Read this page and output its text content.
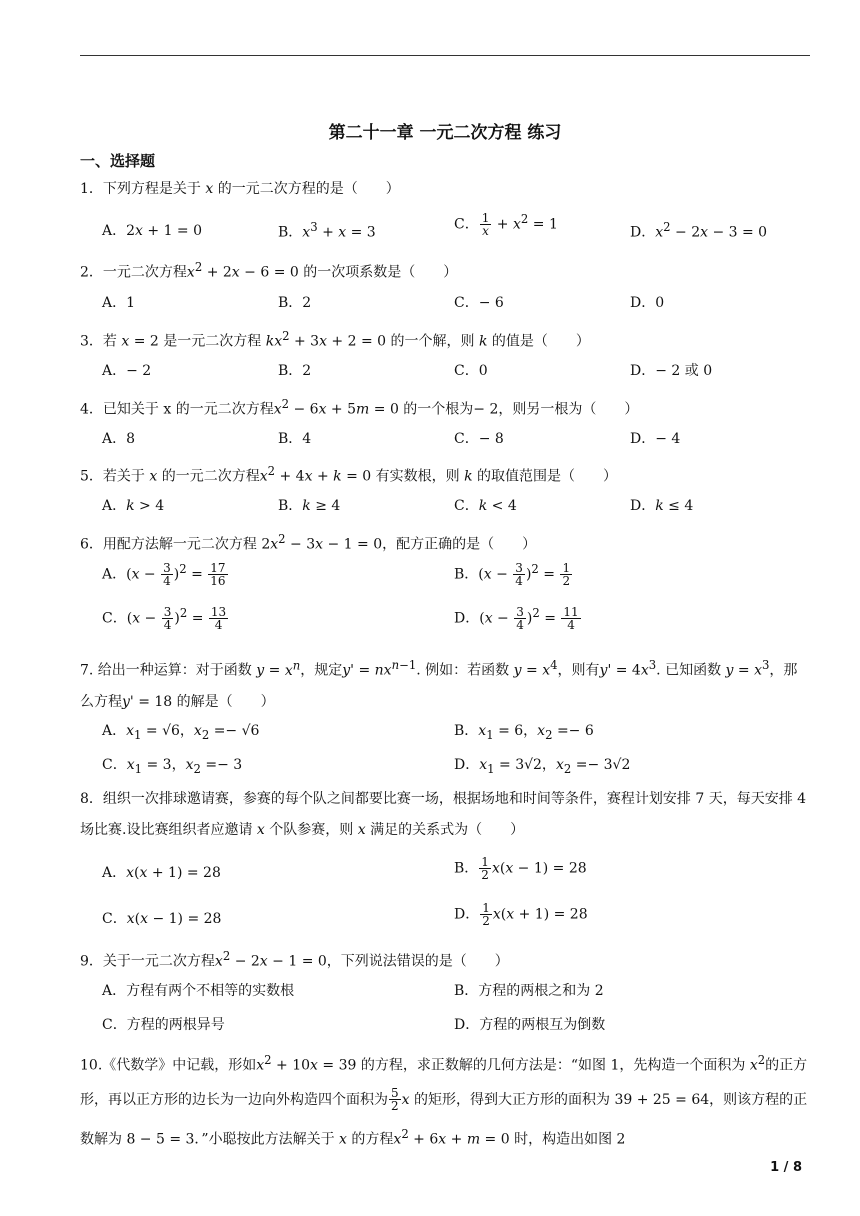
第二十一章 一元二次方程 练习
一、选择题
1．下列方程是关于 x 的一元二次方程的是（　　）
A．2x + 1 = 0	B．$x^3 + x = 3$	C． $\frac{1}{x} + x^2 = 1$	D．$x^2 - 2x - 3 = 0$
2．一元二次方程$x^2 + 2x - 6 = 0$ 的一次项系数是（　　）
A．1	B．2	C．− 6	D．0
3．若 x = 2 是一元二次方程 $kx^2 + 3x + 2 = 0$ 的一个解，则 k 的值是（　　）
A．− 2	B．2	C．0	D．− 2 或 0
4．已知关于 x 的一元二次方程$x^2 - 6x + 5m = 0$ 的一个根为− 2，则另一根为（　　）
A．8	B．4	C．− 8	D．− 4
5．若关于 x 的一元二次方程$x^2 + 4x + k = 0$ 有实数根，则 k 的取值范围是（　　）
A．k > 4	B．k ≥ 4	C．k < 4	D．k ≤ 4
6．用配方法解一元二次方程 $2x^2 - 3x - 1 = 0$，配方正确的是（　　）
A．$(x - \frac{3}{4} )^2 = \frac{17}{16}$	B．$(x - \frac{3}{4} )^2 = \frac{1}{2}$
C．$(x - \frac{3}{4} )^2 = \frac{13}{4}$	D．$(x - \frac{3}{4} )^2 = \frac{11}{4}$
7. 给出一种运算：对于函数 $y = x^n$，规定$y' = nx^{n-1}$. 例如：若函数 $y = x^4$，则有$y' = 4x^3$. 已知函数 $y = x^3$，那么方程y' = 18 的解是（　　）
A．$x_1 = √6$，$x_2 =- √6$	B．$x_1 = 6$，$x_2 =- 6$
C．$x_1 = 3$，$x_2 =- 3$	D．$x_1 = 3√2$，$x_2 =- 3√2$
8．组织一次排球邀请赛，参赛的每个队之间都要比赛一场，根据场地和时间等条件，赛程计划安排 7 天，每天安排 4 场比赛.设比赛组织者应邀请 x 个队参赛，则 x 满足的关系式为（　　）
A．x(x + 1) = 28	B． $\frac{1}{2} x(x - 1) = 28$
C．x(x − 1) = 28	D． $\frac{1}{2} x(x + 1) = 28$
9．关于一元二次方程$x^2 - 2x - 1 = 0$，下列说法错误的是（　　）
A．方程有两个不相等的实数根	B．方程的两根之和为 2
C．方程的两根异号	D．方程的两根互为倒数
10.《代数学》中记载，形如$x^2 + 10x = 39$ 的方程，求正数解的几何方法是：“如图 1，先构造一个面积为 $x^2$的正方形，再以正方形的边长为一边向外构造四个面积为 $\frac{5}{2}$ x 的矩形，得到大正方形的面积为 39 + 25 = 64，则该方程的正数解为 8 − 5 = 3．”小聪按此方法解关于 x 的方程$x^2 + 6x + m = 0$ 时，构造出如图 2
1 / 8
